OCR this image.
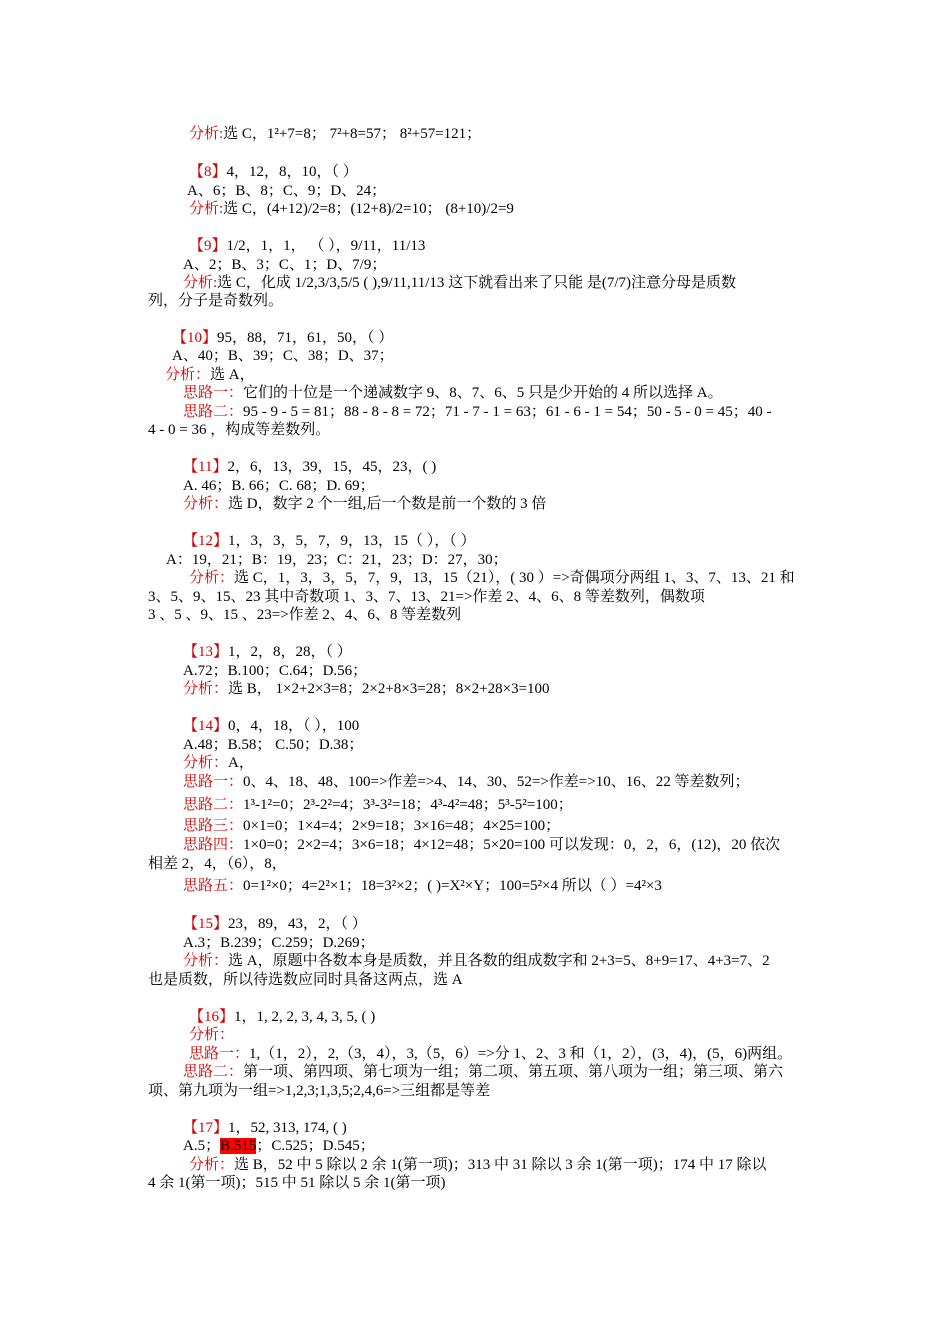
分析:选 C，1²+7=8； 7²+8=57； 8²+57=121；
【8】4，12，8，10，（ ）
A、6；B、8；C、9；D、24；
分析:选 C，(4+12)/2=8；(12+8)/2=10； (8+10)/2=9
【9】1/2，1，1， （ ），9/11，11/13
A、2；B、3；C、1；D、7/9；
分析:选 C，化成 1/2,3/3,5/5 ( ),9/11,11/13 这下就看出来了只能 是(7/7)注意分母是质数
列，分子是奇数列。
【10】95，88，71，61，50，（ ）
A、40；B、39；C、38；D、37；
分析：选 A，
思路一：它们的十位是一个递减数字 9、8、7、6、5 只是少开始的 4 所以选择 A。
思路二：95 - 9 - 5 = 81；88 - 8 - 8 = 72；71 - 7 - 1 = 63；61 - 6 - 1 = 54；50 - 5 - 0 = 45；40 -
4 - 0 = 36 ，构成等差数列。
【11】2，6，13，39，15，45，23，( )
A. 46；B. 66；C. 68；D. 69；
分析：选 D，数字 2 个一组,后一个数是前一个数的 3 倍
【12】1，3，3，5，7，9，13，15（ ），（ ）
A：19，21；B：19，23；C：21，23；D：27，30；
分析：选 C，1，3，3，5，7，9，13，15（21），( 30 ）=>奇偶项分两组 1、3、7、13、21 和
3、5、9、15、23 其中奇数项 1、3、7、13、21=>作差 2、4、6、8 等差数列，偶数项
3 、5 、9、15 、23=>作差 2、4、6、8 等差数列
【13】1，2，8，28，（ ）
A.72；B.100；C.64；D.56；
分析：选 B， 1×2+2×3=8；2×2+8×3=28；8×2+28×3=100
【14】0，4，18，（ ），100
A.48；B.58； C.50；D.38；
分析：A，
思路一：0、4、18、48、100=>作差=>4、14、30、52=>作差=>10、16、22 等差数列；
思路二：1³-1²=0；2³-2²=4；3³-3²=18；4³-4²=48；5³-5²=100；
思路三：0×1=0；1×4=4；2×9=18；3×16=48；4×25=100；
思路四：1×0=0；2×2=4；3×6=18；4×12=48；5×20=100 可以发现：0，2，6，(12)，20 依次
相差 2，4，（6），8，
思路五：0=1²×0；4=2²×1；18=3²×2；( )=X²×Y；100=5²×4 所以（ ）=4²×3
【15】23，89，43，2，（ ）
A.3；B.239；C.259；D.269；
分析：选 A，原题中各数本身是质数，并且各数的组成数字和 2+3=5、8+9=17、4+3=7、2
也是质数，所以待选数应同时具备这两点，选 A
【16】1，1, 2, 2, 3, 4, 3, 5, ( )
分析：
思路一：1,（1，2），2,（3，4），3,（5，6）=>分 1、2、3 和（1，2），(3，4)，(5，6)两组。
思路二：第一项、第四项、第七项为一组；第二项、第五项、第八项为一组；第三项、第六
项、第九项为一组=>1,2,3;1,3,5;2,4,6=>三组都是等差
【17】1，52, 313, 174, ( )
A.5；B.515；C.525；D.545；
分析：选 B，52 中 5 除以 2 余 1(第一项)；313 中 31 除以 3 余 1(第一项)；174 中 17 除以
4 余 1(第一项)；515 中 51 除以 5 余 1(第一项)
